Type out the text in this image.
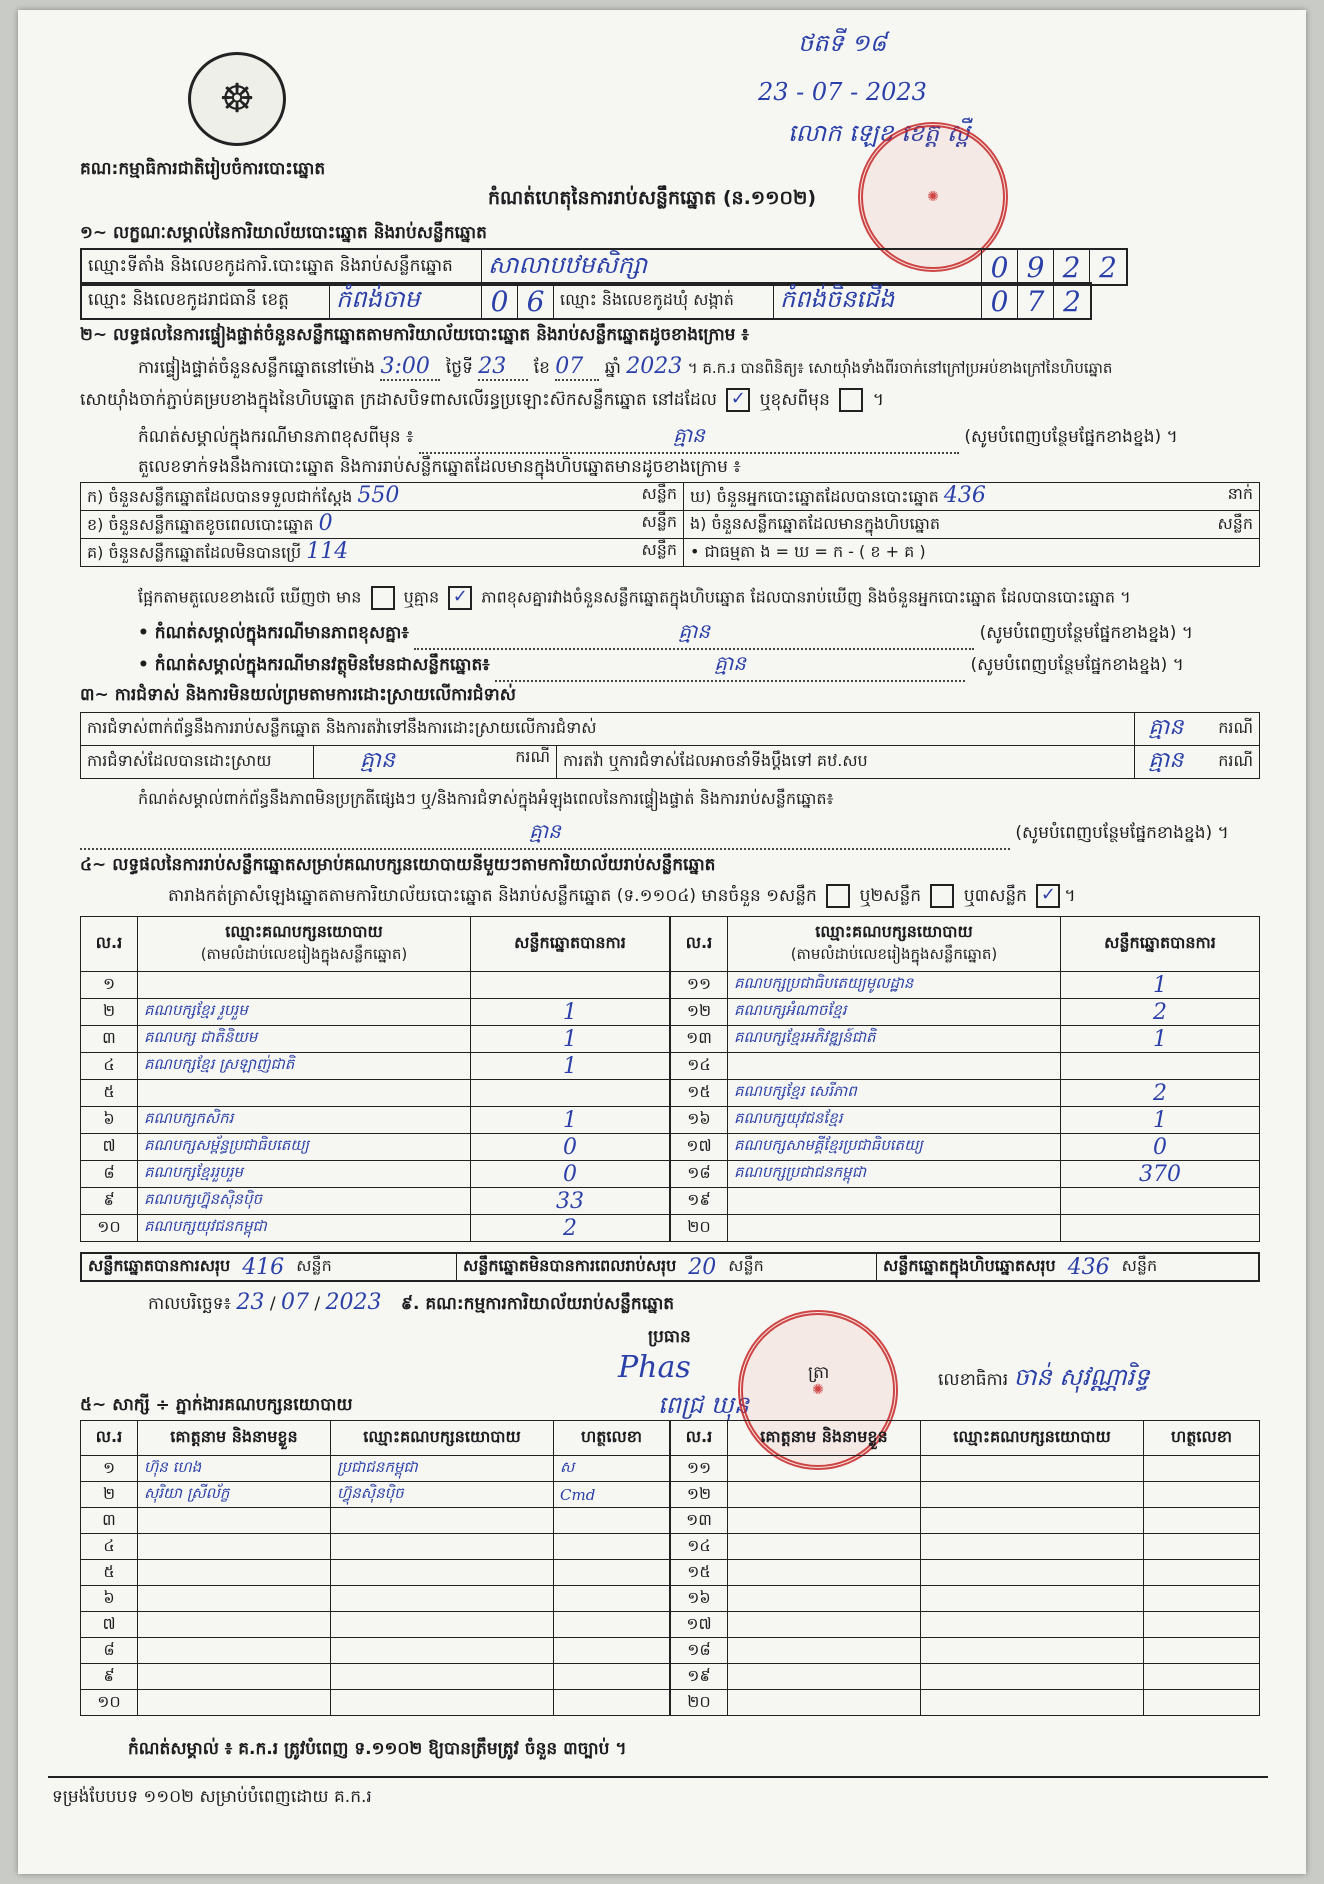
ថតទី ១៨
23 - 07 - 2023
លោក ឡេខ ​ខេត្ត ស្ពឺ
☸
គណ:កម្មាធិការជាតិរៀបចំការបោះឆ្នោត
✺
កំណត់ហេតុនៃការរាប់សន្លឹកឆ្នោត (ន.១១០២)
១~ លក្ខណៈសម្គាល់នៃការិយាល័យបោះឆ្នោត និងរាប់សន្លឹកឆ្នោត
ឈ្មោះទីតាំង និងលេខកូដការិ.បោះឆ្នោត និងរាប់សន្លឹកឆ្នោត	សាលាបឋមសិក្សា	0 9 2 2
ឈ្មោះ និងលេខកូដរាជធានី ខេត្ត	កំពង់ចាម	0 6 ឈ្មោះ និងលេខកូដឃុំ សង្កាត់	កំពង់ចិនជើង	0 7 2
២~ លទ្ធផលនៃការផ្ទៀងផ្ទាត់ចំនួនសន្លឹកឆ្នោតតាមការិយាល័យបោះឆ្នោត និងរាប់សន្លឹកឆ្នោតដូចខាងក្រោម ៖
ការផ្ទៀងផ្ទាត់ចំនួនសន្លឹកឆ្នោតនៅម៉ោង 3:00 ថ្ងៃទី 23 ខែ 07 ឆ្នាំ 2023 ។ គ.ក.រ បានពិនិត្យ៖ សោយ៉ាំងទាំងពីរចាក់នៅក្រៅប្រអប់ខាងក្រៅនៃហិបឆ្នោត
សោយ៉ាំងចាក់ភ្ជាប់គម្របខាងក្នុងនៃហិបឆ្នោត ក្រដាសបិទពាសលើរន្ធប្រឡោះស៊កសន្លឹកឆ្នោត នៅដដែល ✓ ឬខុសពីមុន  ។
កំណត់សម្គាល់ក្នុងករណីមានភាពខុសពីមុន ៖	គ្មាន	(សូមបំពេញបន្ថែមផ្នែកខាងខ្នង) ។
តួលេខទាក់ទងនឹងការបោះឆ្នោត និងការរាប់សន្លឹកឆ្នោតដែលមានក្នុងហិបឆ្នោតមានដូចខាងក្រោម ៖
ក) ចំនួនសន្លឹកឆ្នោតដែលបានទទួលជាក់ស្តែង 550 សន្លឹក	ឃ) ចំនួនអ្នកបោះឆ្នោតដែលបានបោះឆ្នោត 436 នាក់

ខ) ចំនួនសន្លឹកឆ្នោតខូចពេលបោះឆ្នោត 0 សន្លឹក	ង) ចំនួនសន្លឹកឆ្នោតដែលមានក្នុងហិបឆ្នោត សន្លឹក

គ) ចំនួនសន្លឹកឆ្នោតដែលមិនបានប្រើ 114 សន្លឹក	• ជាធម្មតា ង = ឃ = ក - ( ខ + គ )
ផ្អែកតាមតួលេខខាងលើ ឃើញថា មាន	ឬគ្មាន ✓ ភាពខុសគ្នារវាងចំនួនសន្លឹកឆ្នោតក្នុងហិបឆ្នោត ដែលបានរាប់ឃើញ និងចំនួនអ្នកបោះឆ្នោត ដែលបានបោះឆ្នោត ។
• កំណត់សម្គាល់ក្នុងករណីមានភាពខុសគ្នា៖	គ្មាន	(សូមបំពេញបន្ថែមផ្នែកខាងខ្នង) ។
• កំណត់សម្គាល់ក្នុងករណីមានវត្ថុមិនមែនជាសន្លឹកឆ្នោត៖	គ្មាន	(សូមបំពេញបន្ថែមផ្នែកខាងខ្នង) ។
៣~ ការជំទាស់ និងការមិនយល់ព្រមតាមការដោះស្រាយលើការជំទាស់
ការជំទាស់ពាក់ព័ន្ធនឹងការរាប់សន្លឹកឆ្នោត និងការតវ៉ាទៅនឹងការដោះស្រាយលើការជំទាស់			គ្មាន	ករណី
ការជំទាស់ដែលបានដោះស្រាយ	គ្មាន ករណី	ការតវ៉ា ឬការជំទាស់ដែលអាចនាំទីងប្តឹងទៅ គឋ.សប	គ្មាន	ករណី
កំណត់សម្គាល់ពាក់ព័ន្ធនឹងភាពមិនប្រក្រតីផ្សេងៗ ឬ/និងការជំទាស់ក្នុងអំឡុងពេលនៃការផ្ទៀងផ្ទាត់ និងការរាប់សន្លឹកឆ្នោត៖
គ្មាន	(សូមបំពេញបន្ថែមផ្នែកខាងខ្នង) ។
៤~ លទ្ធផលនៃការរាប់សន្លឹកឆ្នោតសម្រាប់គណបក្សនយោបាយនីមួយៗតាមការិយាល័យរាប់សន្លឹកឆ្នោត
តារាងកត់ត្រាសំឡេងឆ្នោតតាមការិយាល័យបោះឆ្នោត និងរាប់សន្លឹកឆ្នោត (ទ.១១០៤) មានចំនួន ១សន្លឹក	ឬ២សន្លឹក	ឬ៣សន្លឹក ✓ ។
ល.រ	ឈ្មោះគណបក្សនយោបាយ
(តាមលំដាប់លេខរៀងក្នុងសន្លឹកឆ្នោត)	សន្លឹកឆ្នោតបានការ
១		
២	គណបក្សខ្មែរ រួបរួម	1
៣	គណបក្ស ជាតិនិយម	1
៤	គណបក្សខ្មែរ ស្រឡាញ់ជាតិ	1
៥		
៦	គណបក្សកសិករ	1
៧	គណបក្សសម្ព័ន្ធប្រជាធិបតេយ្យ	0
៨	គណបក្សខ្មែររួបរួម	0
៩	គណបក្សហ្វ៊ុនស៊ិនប៉ិច	33
១០	គណបក្សយុវជនកម្ពុជា	2
ល.រ	ឈ្មោះគណបក្សនយោបាយ
(តាមលំដាប់លេខរៀងក្នុងសន្លឹកឆ្នោត)	សន្លឹកឆ្នោតបានការ
១១	គណបក្សប្រជាធិបតេយ្យមូលដ្ឋាន	1
១២	គណបក្សអំណាចខ្មែរ	2
១៣	គណបក្សខ្មែរអភិវឌ្ឍន៍ជាតិ	1
១៤		
១៥	គណបក្សខ្មែរ សេរីភាព	2
១៦	គណបក្សយុវជនខ្មែរ	1
១៧	គណបក្សសាមគ្គីខ្មែរប្រជាធិបតេយ្យ	0
១៨	គណបក្សប្រជាជនកម្ពុជា	370
១៩		
២០		
សន្លឹកឆ្នោតបានការសរុប 416 សន្លឹក	សន្លឹកឆ្នោតមិនបានការពេលរាប់សរុប 20 សន្លឹក	សន្លឹកឆ្នោតក្នុងហិបឆ្នោតសរុប 436 សន្លឹក
កាលបរិច្ឆេទ៖ 23 / 07 / 2023 ៩. គណ:កម្មការការិយាល័យរាប់សន្លឹកឆ្នោត
ប្រធាន
Phas
ពេជ្រ ឃុន
✺
ត្រា	លេខាធិការ ចាន់ សុវណ្ណារិទ្ធ
៥~ សាក្សី ÷ ភ្នាក់ងារគណបក្សនយោបាយ
ល.រ	គោត្តនាម និងនាមខ្លួន	ឈ្មោះគណបក្សនយោបាយ	ហត្ថលេខា
១	ហ៊ុន ហេង	ប្រជាជនកម្ពុជា	ស
២	សុរិយា ស្រីល័ក្ខ	ហ៊្វុនស៊ិនប៉ិច	Cmd
៣			
៤			
៥			
៦			
៧			
៨			
៩			
១០			
ល.រ	គោត្តនាម និងនាមខ្លួន	ឈ្មោះគណបក្សនយោបាយ	ហត្ថលេខា
១១			
១២			
១៣			
១៤			
១៥			
១៦			
១៧			
១៨			
១៩			
២០			
កំណត់សម្គាល់ ៖ គ.ក.រ ត្រូវបំពេញ ទ.១១០២ ឱ្យបានត្រឹមត្រូវ ចំនួន ៣ច្បាប់ ។
ទម្រង់បែបបទ ១១០២ សម្រាប់បំពេញដោយ គ.ក.រ
